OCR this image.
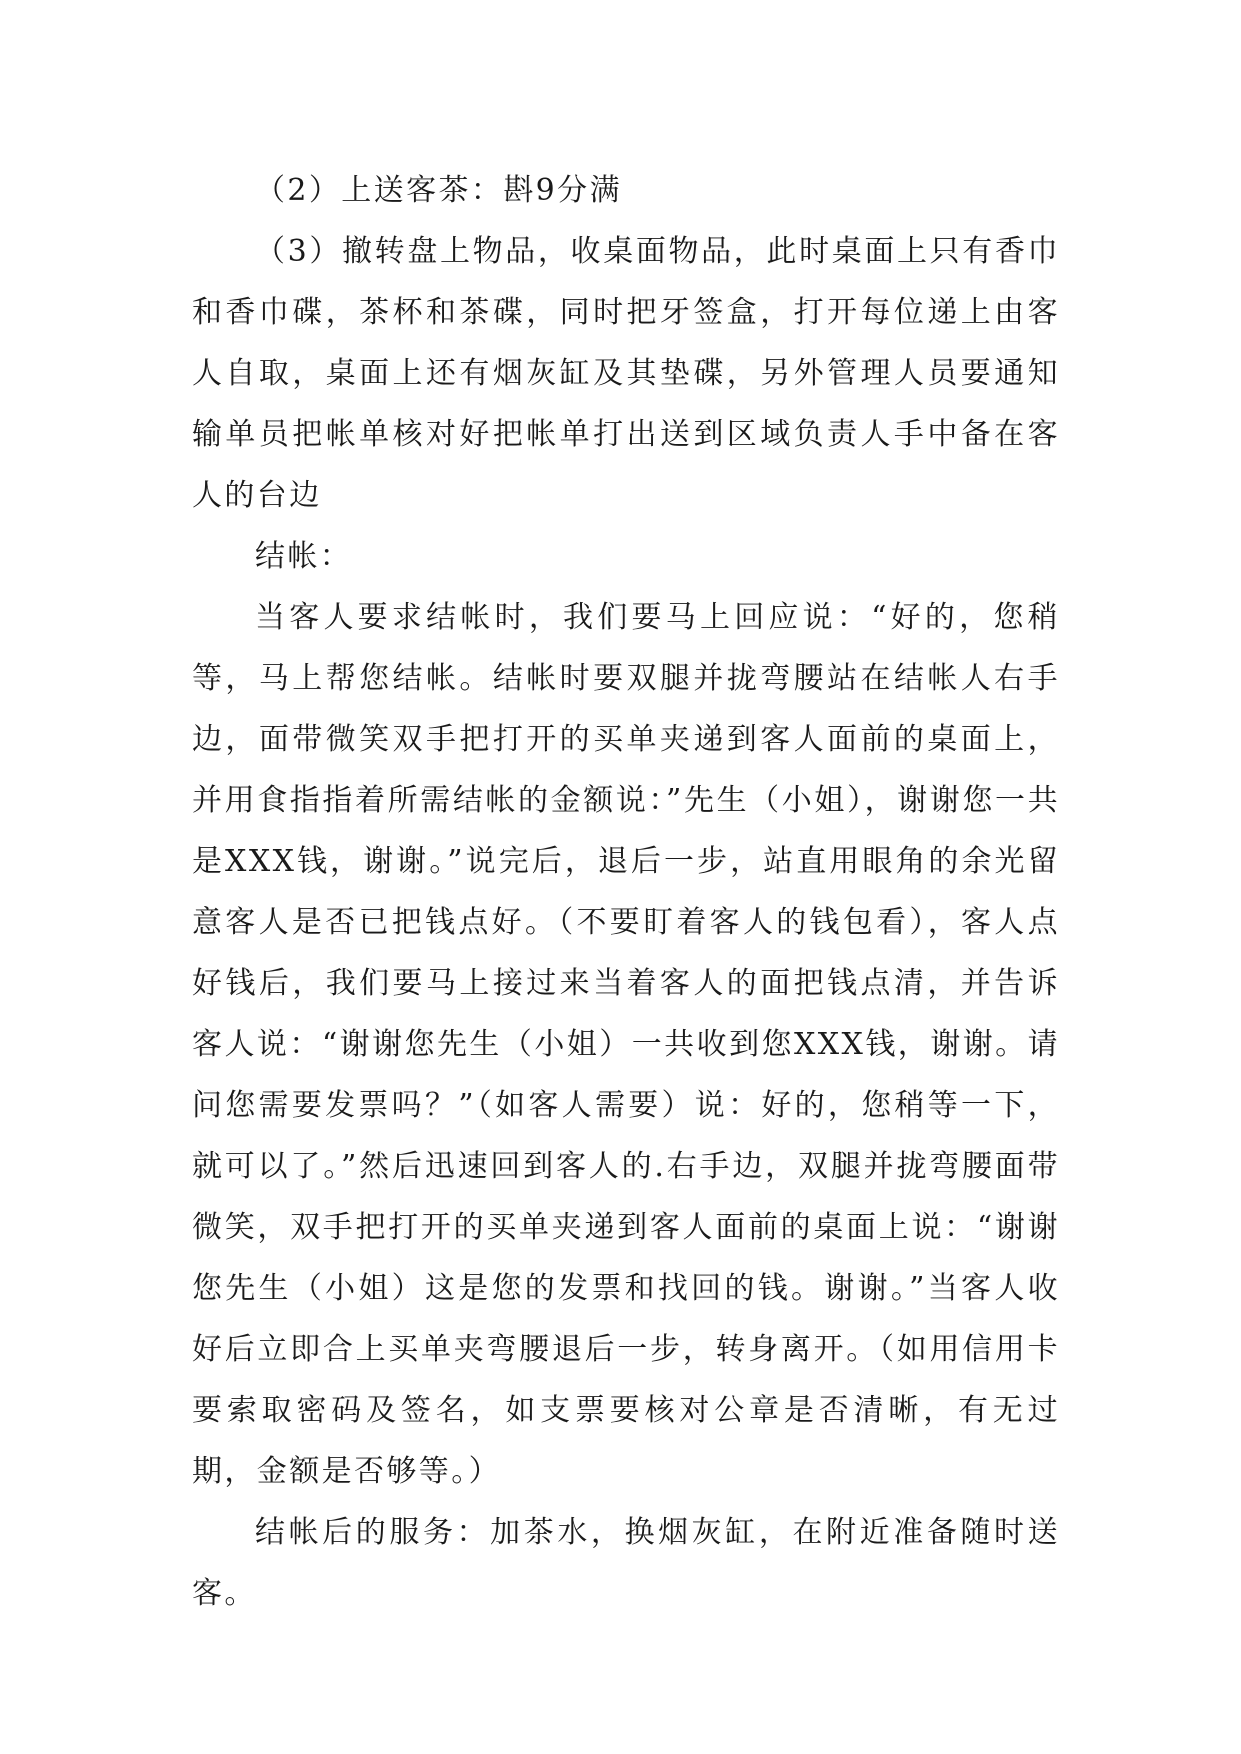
（2）上送客茶：斟9分满

（3）撤转盘上物品，收桌面物品，此时桌面上只有香巾和香巾碟，茶杯和茶碟，同时把牙签盒，打开每位递上由客人自取，桌面上还有烟灰缸及其垫碟，另外管理人员要通知输单员把帐单核对好把帐单打出送到区域负责人手中备在客人的台边

结帐：

当客人要求结帐时，我们要马上回应说：“好的，您稍等，马上帮您结帐。结帐时要双腿并拢弯腰站在结帐人右手边，面带微笑双手把打开的买单夹递到客人面前的桌面上，并用食指指着所需结帐的金额说：”先生（小姐），谢谢您一共是XXX钱，谢谢。”说完后，退后一步，站直用眼角的余光留意客人是否已把钱点好。（不要盯着客人的钱包看），客人点好钱后，我们要马上接过来当着客人的面把钱点清，并告诉客人说：“谢谢您先生（小姐）一共收到您XXX钱，谢谢。请问您需要发票吗？”（如客人需要）说：好的，您稍等一下，就可以了。”然后迅速回到客人的.右手边，双腿并拢弯腰面带微笑，双手把打开的买单夹递到客人面前的桌面上说：“谢谢您先生（小姐）这是您的发票和找回的钱。谢谢。”当客人收好后立即合上买单夹弯腰退后一步，转身离开。（如用信用卡要索取密码及签名，如支票要核对公章是否清晰，有无过期，金额是否够等。）

结帐后的服务：加茶水，换烟灰缸，在附近准备随时送客。
